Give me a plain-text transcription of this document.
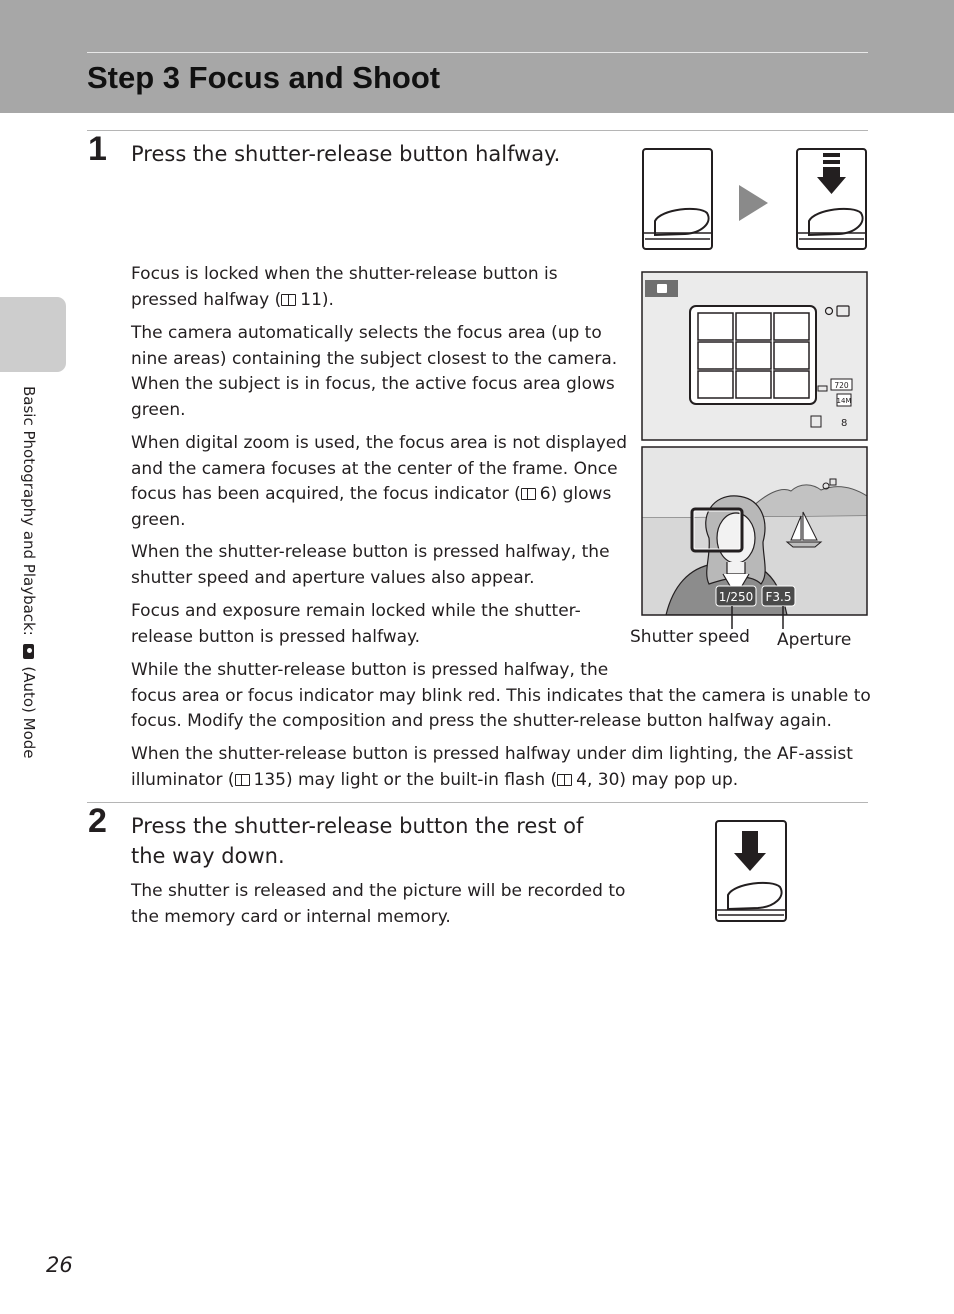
Step 3 Focus and Shoot
Basic Photography and Playback:  (Auto) Mode
1 Press the shutter-release button halfway.

Focus is locked when the shutter-release button is
pressed halfway ( 11).

The camera automatically selects the focus area (up to
nine areas) containing the subject closest to the camera.
When the subject is in focus, the active focus area glows
green.

When digital zoom is used, the focus area is not displayed
and the camera focuses at the center of the frame. Once
focus has been acquired, the focus indicator ( 6) glows
green.

When the shutter-release button is pressed halfway, the
shutter speed and aperture values also appear.

Focus and exposure remain locked while the shutter-
release button is pressed halfway.

While the shutter-release button is pressed halfway, the
focus area or focus indicator may blink red. This indicates that the camera is unable to
focus. Modify the composition and press the shutter-release button halfway again.

When the shutter-release button is pressed halfway under dim lighting, the AF-assist
illuminator ( 135) may light or the built-in flash ( 4, 30) may pop up.

720
14M
8
1/250 F3.5
Shutter speed Aperture
2 Press the shutter-release button the rest of
the way down.

The shutter is released and the picture will be recorded to
the memory card or internal memory.

26
